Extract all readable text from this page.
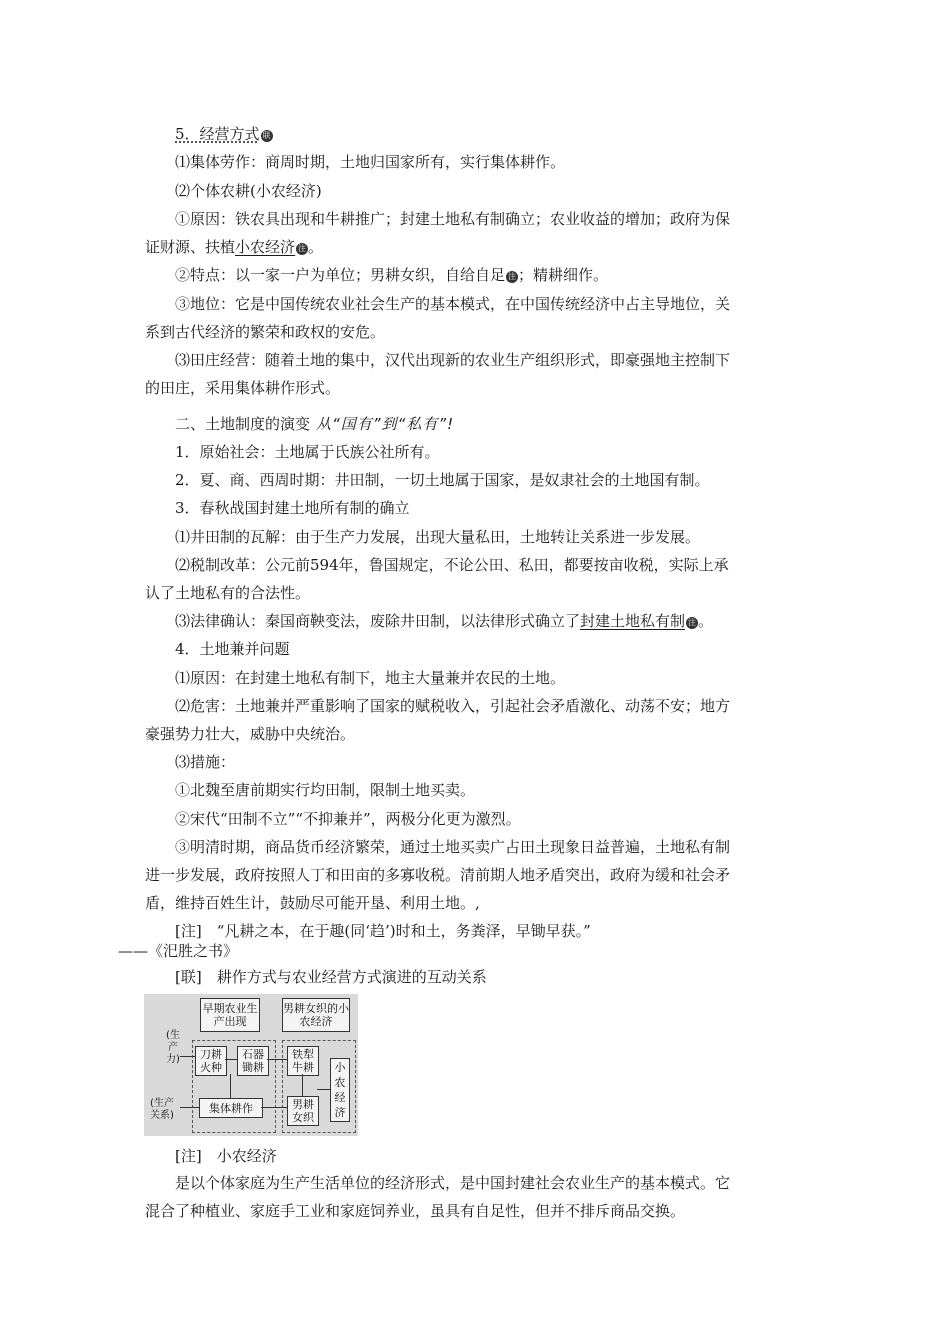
5．经营方式 联
⑴集体劳作：商周时期，土地归国家所有，实行集体耕作。
⑵个体农耕(小农经济)
①原因：铁农具出现和牛耕推广；封建土地私有制确立；农业收益的增加；政府为保
证财源、扶植小农经济 注 。
②特点：以一家一户为单位；男耕女织，自给自足 注 ；精耕细作。
③地位：它是中国传统农业社会生产的基本模式，在中国传统经济中占主导地位，关
系到古代经济的繁荣和政权的安危。
⑶田庄经营：随着土地的集中，汉代出现新的农业生产组织形式，即豪强地主控制下
的田庄，采用集体耕作形式。
二、土地制度的演变 从“国有”到“私有”!
1．原始社会：土地属于氏族公社所有。
2．夏、商、西周时期：井田制，一切土地属于国家，是奴隶社会的土地国有制。
3．春秋战国封建土地所有制的确立
⑴井田制的瓦解：由于生产力发展，出现大量私田，土地转让关系进一步发展。
⑵税制改革：公元前594年，鲁国规定，不论公田、私田，都要按亩收税，实际上承
认了土地私有的合法性。
⑶法律确认：秦国商鞅变法，废除井田制，以法律形式确立了封建土地私有制 注 。
4．土地兼并问题
⑴原因：在封建土地私有制下，地主大量兼并农民的土地。
⑵危害：土地兼并严重影响了国家的赋税收入，引起社会矛盾激化、动荡不安；地方
豪强势力壮大，威胁中央统治。
⑶措施：
①北魏至唐前期实行均田制，限制土地买卖。
②宋代“田制不立”“不抑兼并”，两极分化更为激烈。
③明清时期，商品货币经济繁荣，通过土地买卖广占田土现象日益普遍，土地私有制
进一步发展，政府按照人丁和田亩的多寡收税。清前期人地矛盾突出，政府为缓和社会矛
盾，维持百姓生计，鼓励尽可能开垦、利用土地。,
[注]　“凡耕之本，在于趣(同‘趋’)时和土，务粪泽，早锄早获。”
——《汜胜之书》
[联]　耕作方式与农业经营方式演进的互动关系
早期农业生产出现
男耕女织的小农经济
刀耕火种
石器锄耕
集体耕作
铁犁牛耕
男耕女织
小农经济
(生产力)
(生产关系)
[注]　小农经济
是以个体家庭为生产生活单位的经济形式，是中国封建社会农业生产的基本模式。它
混合了种植业、家庭手工业和家庭饲养业，虽具有自足性，但并不排斥商品交换。
